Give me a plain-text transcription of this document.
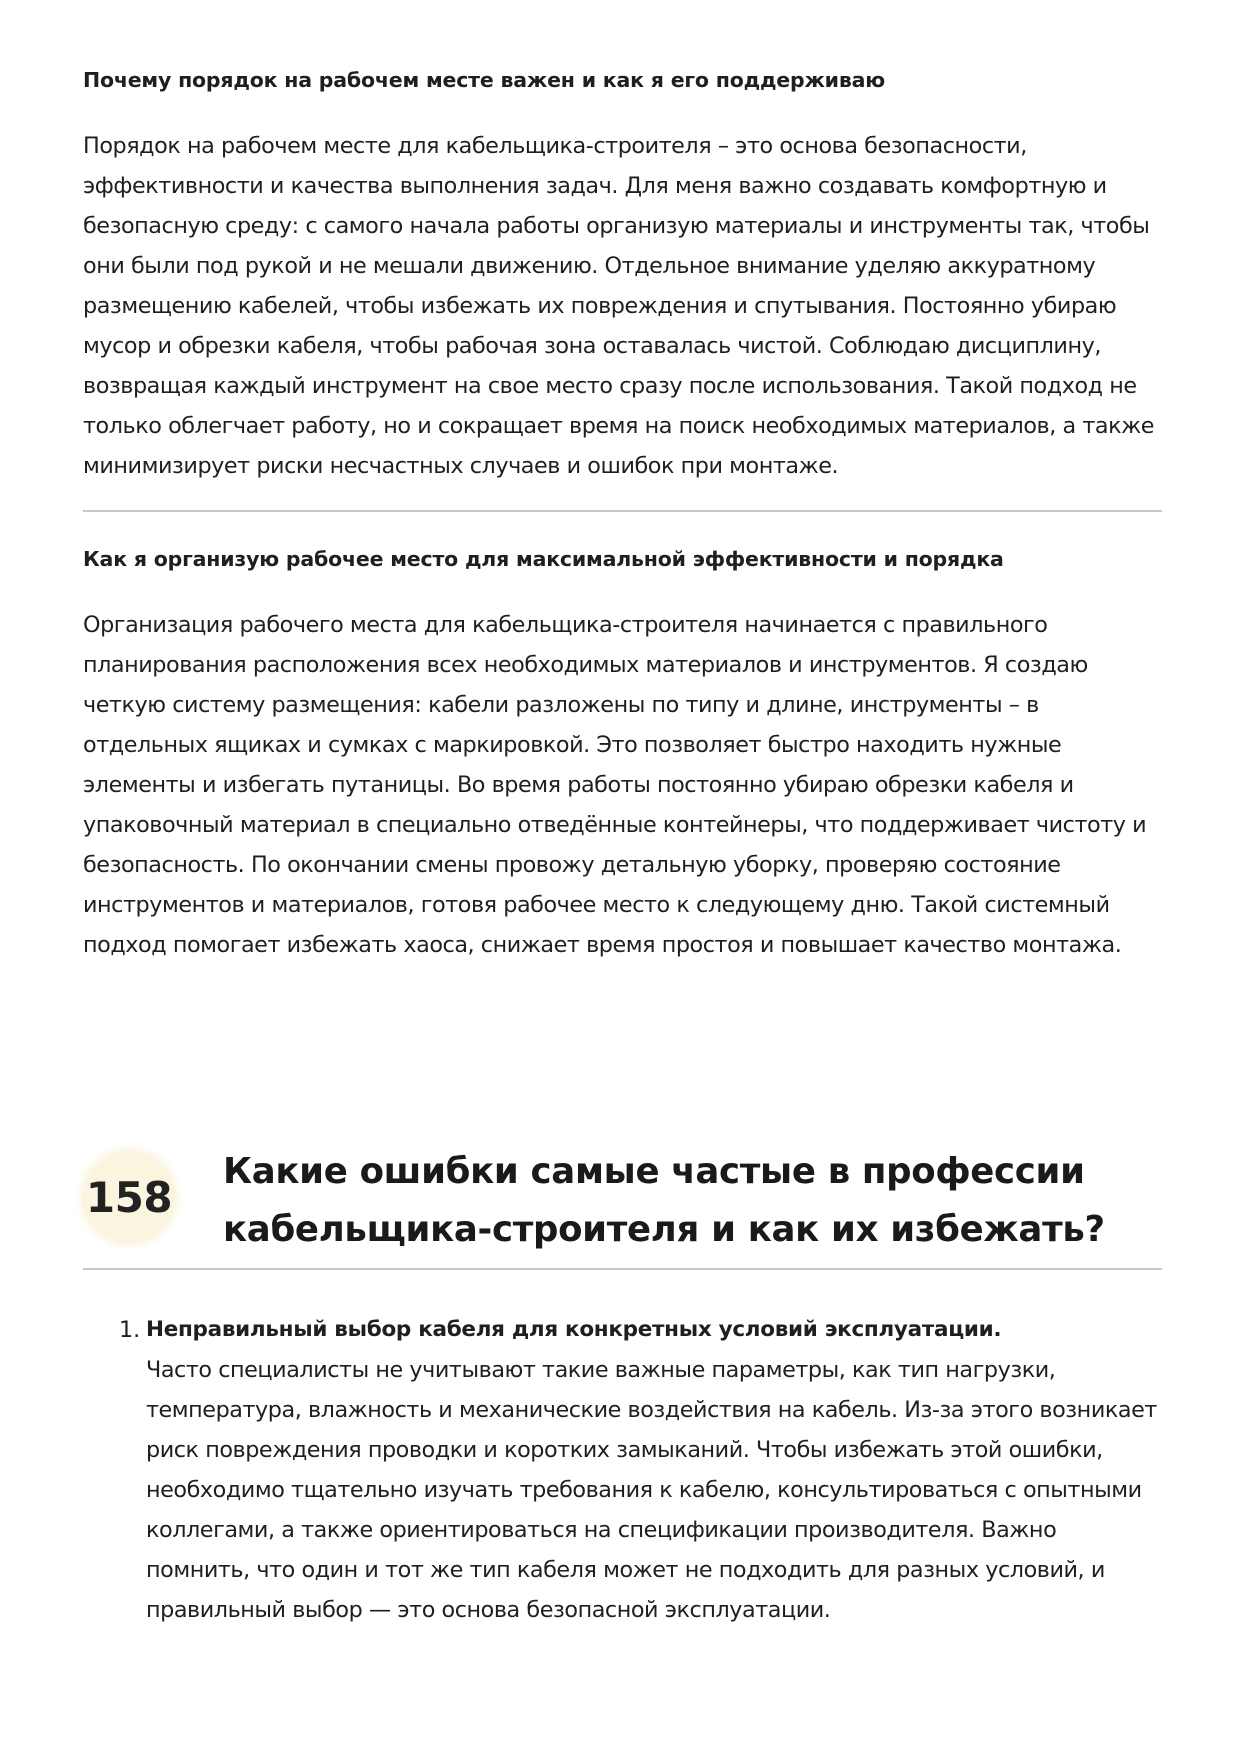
Почему порядок на рабочем месте важен и как я его поддерживаю

Порядок на рабочем месте для кабельщика-строителя – это основа безопасности,
эффективности и качества выполнения задач. Для меня важно создавать комфортную и
безопасную среду: с самого начала работы организую материалы и инструменты так, чтобы
они были под рукой и не мешали движению. Отдельное внимание уделяю аккуратному
размещению кабелей, чтобы избежать их повреждения и спутывания. Постоянно убираю
мусор и обрезки кабеля, чтобы рабочая зона оставалась чистой. Соблюдаю дисциплину,
возвращая каждый инструмент на свое место сразу после использования. Такой подход не
только облегчает работу, но и сокращает время на поиск необходимых материалов, а также
минимизирует риски несчастных случаев и ошибок при монтаже.

Как я организую рабочее место для максимальной эффективности и порядка

Организация рабочего места для кабельщика-строителя начинается с правильного
планирования расположения всех необходимых материалов и инструментов. Я создаю
четкую систему размещения: кабели разложены по типу и длине, инструменты – в
отдельных ящиках и сумках с маркировкой. Это позволяет быстро находить нужные
элементы и избегать путаницы. Во время работы постоянно убираю обрезки кабеля и
упаковочный материал в специально отведённые контейнеры, что поддерживает чистоту и
безопасность. По окончании смены провожу детальную уборку, проверяю состояние
инструментов и материалов, готовя рабочее место к следующему дню. Такой системный
подход помогает избежать хаоса, снижает время простоя и повышает качество монтажа.

158
Какие ошибки самые частые в профессии
кабельщика-строителя и как их избежать?
1. Неправильный выбор кабеля для конкретных условий эксплуатации.
Часто специалисты не учитывают такие важные параметры, как тип нагрузки,
температура, влажность и механические воздействия на кабель. Из-за этого возникает
риск повреждения проводки и коротких замыканий. Чтобы избежать этой ошибки,
необходимо тщательно изучать требования к кабелю, консультироваться с опытными
коллегами, а также ориентироваться на спецификации производителя. Важно
помнить, что один и тот же тип кабеля может не подходить для разных условий, и
правильный выбор — это основа безопасной эксплуатации.
